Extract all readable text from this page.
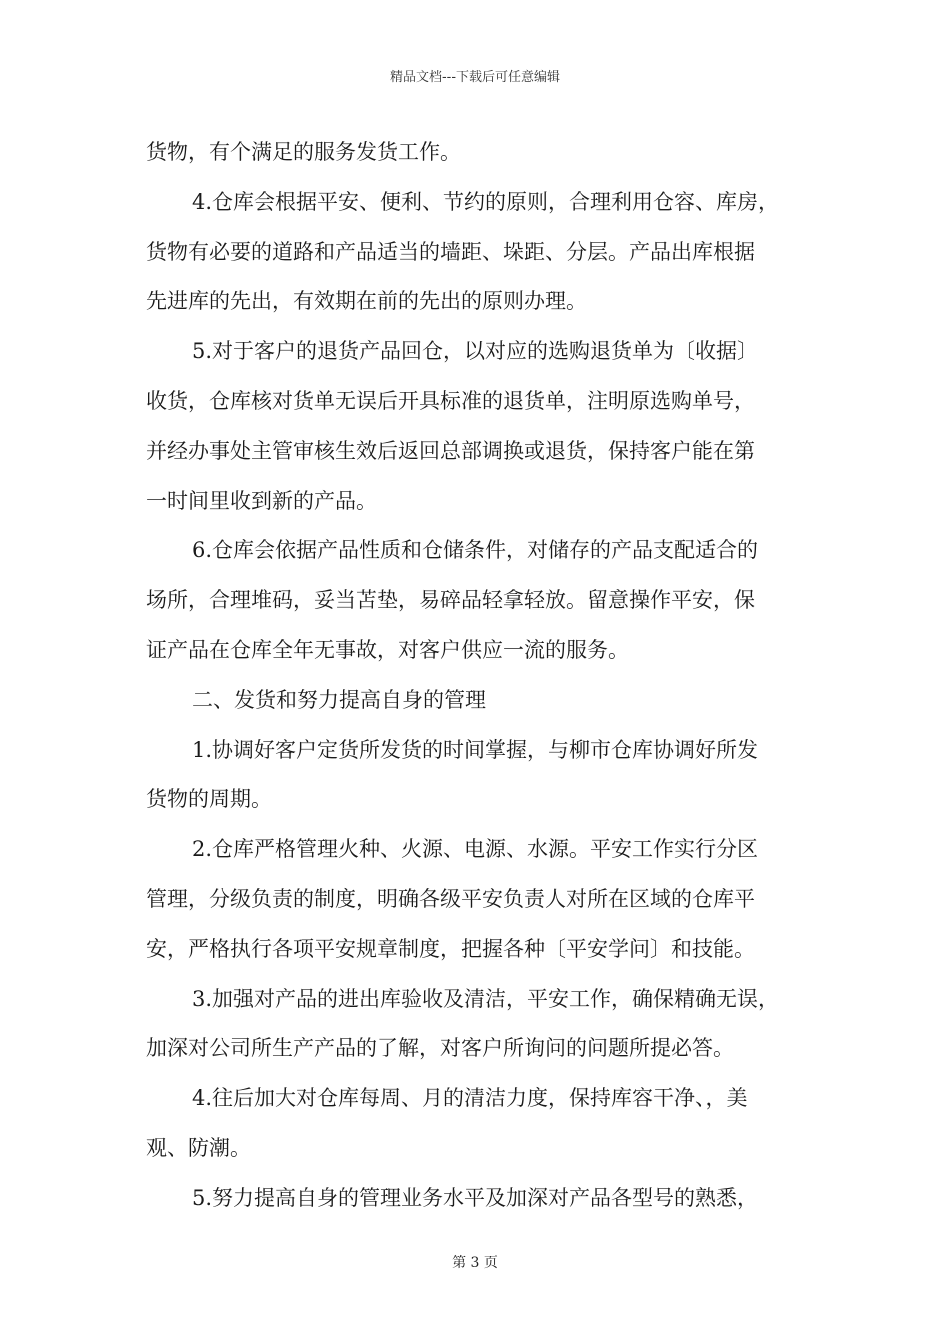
精品文档---下载后可任意编辑
货物，有个满足的服务发货工作。
4.仓库会根据平安、便利、节约的原则，合理利用仓容、库房，
货物有必要的道路和产品适当的墙距、垛距、分层。产品出库根据
先进库的先出，有效期在前的先出的原则办理。
5.对于客户的退货产品回仓，以对应的选购退货单为〔收据〕
收货，仓库核对货单无误后开具标准的退货单，注明原选购单号，
并经办事处主管审核生效后返回总部调换或退货，保持客户能在第
一时间里收到新的产品。
6.仓库会依据产品性质和仓储条件，对储存的产品支配适合的
场所，合理堆码，妥当苫垫，易碎品轻拿轻放。留意操作平安，保
证产品在仓库全年无事故，对客户供应一流的服务。
二、发货和努力提高自身的管理
1.协调好客户定货所发货的时间掌握，与柳市仓库协调好所发
货物的周期。
2.仓库严格管理火种、火源、电源、水源。平安工作实行分区
管理，分级负责的制度，明确各级平安负责人对所在区域的仓库平
安，严格执行各项平安规章制度，把握各种〔平安学问〕和技能。
3.加强对产品的进出库验收及清洁，平安工作，确保精确无误，
加深对公司所生产产品的了解，对客户所询问的问题所提必答。
4.往后加大对仓库每周、月的清洁力度，保持库容干净、，美
观、防潮。
5.努力提高自身的管理业务水平及加深对产品各型号的熟悉，
第 3 页
